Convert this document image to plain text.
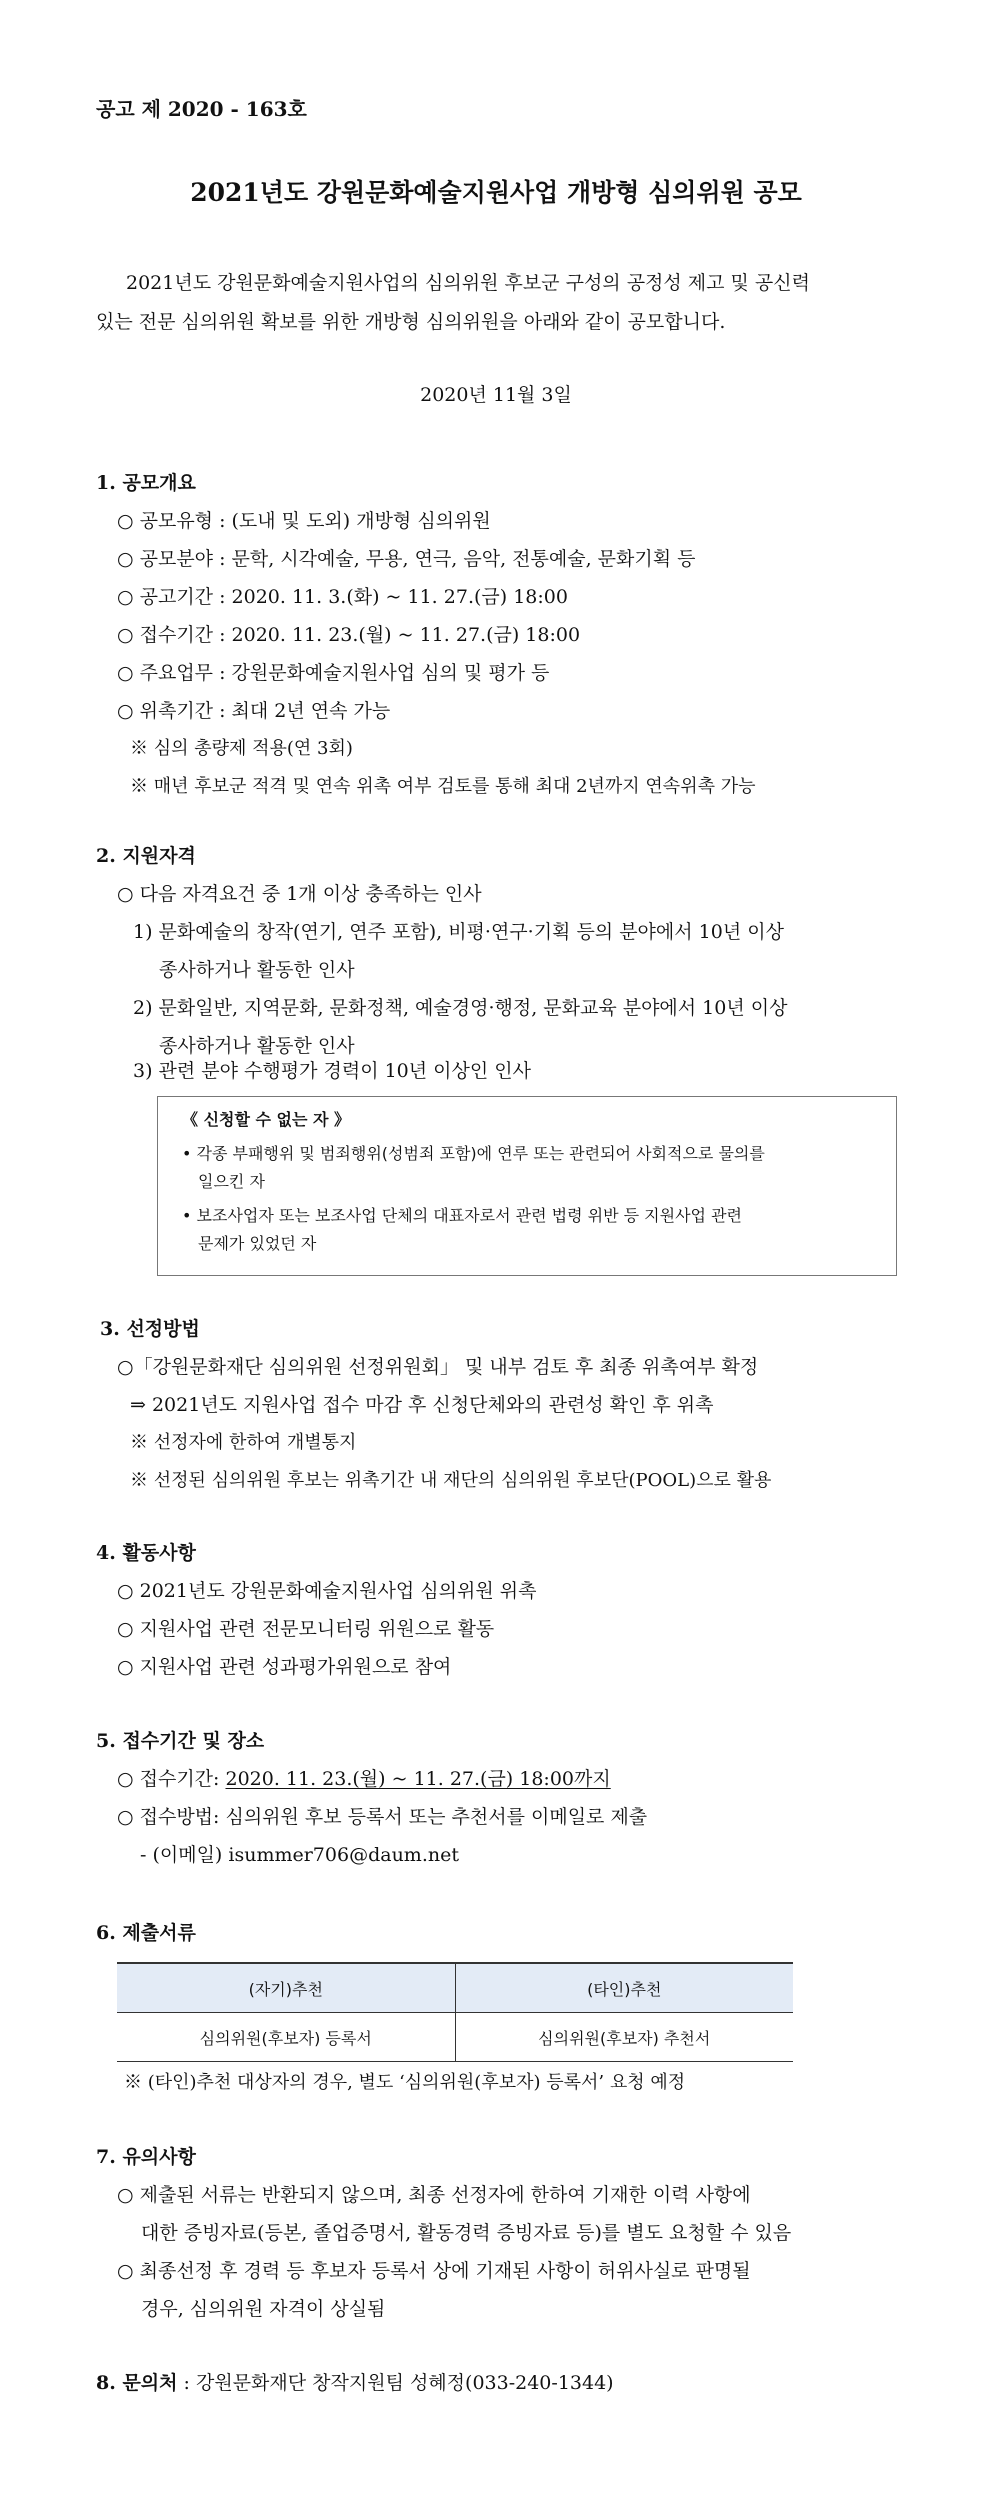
공고 제 2020 - 163호
2021년도 강원문화예술지원사업 개방형 심의위원 공모
2021년도 강원문화예술지원사업의 심의위원 후보군 구성의 공정성 제고 및 공신력
있는 전문 심의위원 확보를 위한 개방형 심의위원을 아래와 같이 공모합니다.
2020년 11월 3일
1. 공모개요
○ 공모유형 : (도내 및 도외) 개방형 심의위원
○ 공모분야 : 문학, 시각예술, 무용, 연극, 음악, 전통예술, 문화기획 등
○ 공고기간 : 2020. 11. 3.(화) ~ 11. 27.(금) 18:00
○ 접수기간 : 2020. 11. 23.(월) ~ 11. 27.(금) 18:00
○ 주요업무 : 강원문화예술지원사업 심의 및 평가 등
○ 위촉기간 : 최대 2년 연속 가능
※ 심의 총량제 적용(연 3회)
※ 매년 후보군 적격 및 연속 위촉 여부 검토를 통해 최대 2년까지 연속위촉 가능
2. 지원자격
○ 다음 자격요건 중 1개 이상 충족하는 인사
1) 문화예술의 창작(연기, 연주 포함), 비평·연구·기획 등의 분야에서 10년 이상
종사하거나 활동한 인사
2) 문화일반, 지역문화, 문화정책, 예술경영·행정, 문화교육 분야에서 10년 이상
종사하거나 활동한 인사
3) 관련 분야 수행평가 경력이 10년 이상인 인사
《 신청할 수 없는 자 》
• 각종 부패행위 및 범죄행위(성범죄 포함)에 연루 또는 관련되어 사회적으로 물의를
일으킨 자
• 보조사업자 또는 보조사업 단체의 대표자로서 관련 법령 위반 등 지원사업 관련
문제가 있었던 자
3. 선정방법
○「강원문화재단 심의위원 선정위원회」 및 내부 검토 후 최종 위촉여부 확정
⇒ 2021년도 지원사업 접수 마감 후 신청단체와의 관련성 확인 후 위촉
※ 선정자에 한하여 개별통지
※ 선정된 심의위원 후보는 위촉기간 내 재단의 심의위원 후보단(POOL)으로 활용
4. 활동사항
○ 2021년도 강원문화예술지원사업 심의위원 위촉
○ 지원사업 관련 전문모니터링 위원으로 활동
○ 지원사업 관련 성과평가위원으로 참여
5. 접수기간 및 장소
○ 접수기간: 2020. 11. 23.(월) ~ 11. 27.(금) 18:00까지
○ 접수방법: 심의위원 후보 등록서 또는 추천서를 이메일로 제출
- (이메일) isummer706@daum.net
6. 제출서류
(자기)추천	(타인)추천
심의위원(후보자) 등록서	심의위원(후보자) 추천서
※ (타인)추천 대상자의 경우, 별도 ‘심의위원(후보자) 등록서’ 요청 예정
7. 유의사항
○ 제출된 서류는 반환되지 않으며, 최종 선정자에 한하여 기재한 이력 사항에
대한 증빙자료(등본, 졸업증명서, 활동경력 증빙자료 등)를 별도 요청할 수 있음
○ 최종선정 후 경력 등 후보자 등록서 상에 기재된 사항이 허위사실로 판명될
경우, 심의위원 자격이 상실됨
8. 문의처 : 강원문화재단 창작지원팀 성혜정(033-240-1344)
